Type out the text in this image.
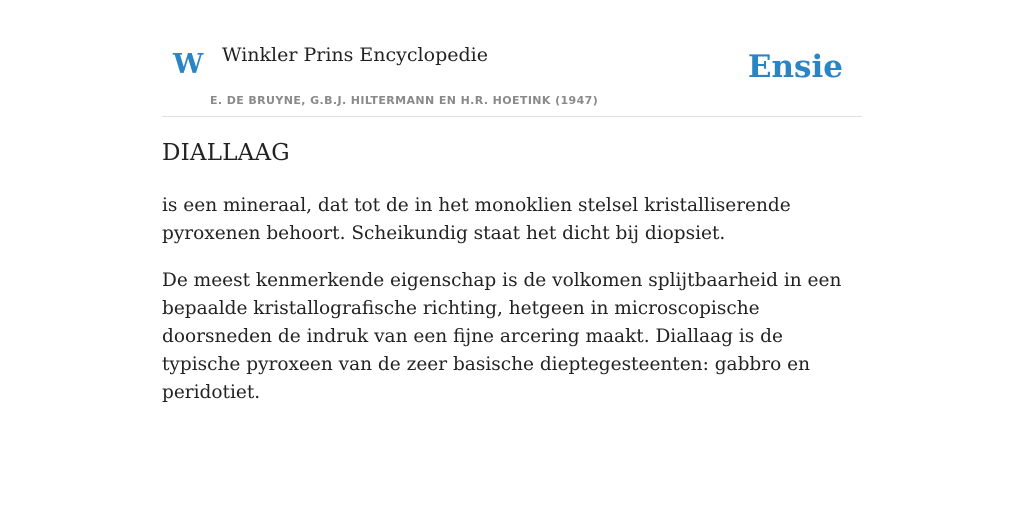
W Winkler Prins Encyclopedie
E. DE BRUYNE, G.B.J. HILTERMANN EN H.R. HOETINK (1947)
Ensie
DIALLAAG

is een mineraal, dat tot de in het monoklien stelsel kristalliserende pyroxenen behoort. Scheikundig staat het dicht bij diopsiet.

De meest kenmerkende eigenschap is de volkomen splijtbaarheid in een bepaalde kristallografische richting, hetgeen in microscopische doorsneden de indruk van een fijne arcering maakt. Diallaag is de typische pyroxeen van de zeer basische dieptegesteenten: gabbro en peridotiet.
